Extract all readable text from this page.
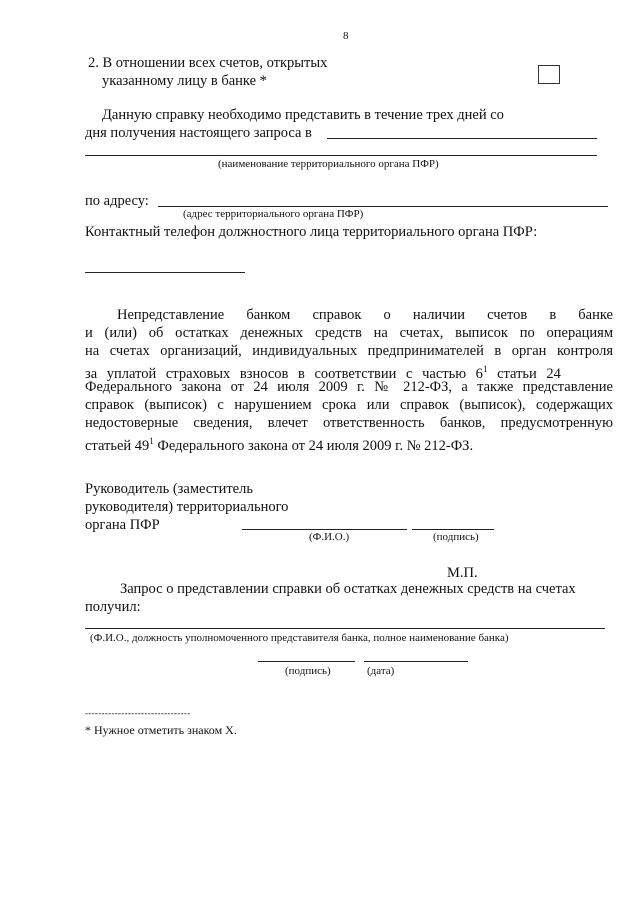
8
2. В отношении всех счетов, открытых
указанному лицу в банке *
Данную справку необходимо представить в течение трех дней со
дня получения настоящего запроса в
(наименование территориального органа ПФР)
по адресу:
(адрес территориального органа ПФР)
Контактный телефон должностного лица территориального органа ПФР:
Непредставление банком справок о наличии счетов в банке
и (или) об остатках денежных средств на счетах, выписок по операциям
на счетах организаций, индивидуальных предпринимателей в орган контроля
за уплатой страховых взносов в соответствии с частью $6^1$ статьи 24
Федерального закона от 24 июля 2009 г. № 212-ФЗ, а также представление
справок (выписок) с нарушением срока или справок (выписок), содержащих
недостоверные сведения, влечет ответственность банков, предусмотренную
статьей $49^1$ Федерального закона от 24 июля 2009 г. № 212-ФЗ.
Руководитель (заместитель
руководителя) территориального
органа ПФР
(Ф.И.О.)	(подпись)
М.П.
Запрос о представлении справки об остатках денежных средств на счетах
получил:
(Ф.И.О., должность уполномоченного представителя банка, полное наименование банка)
(подпись)	(дата)
--------------------------------
* Нужное отметить знаком X.
